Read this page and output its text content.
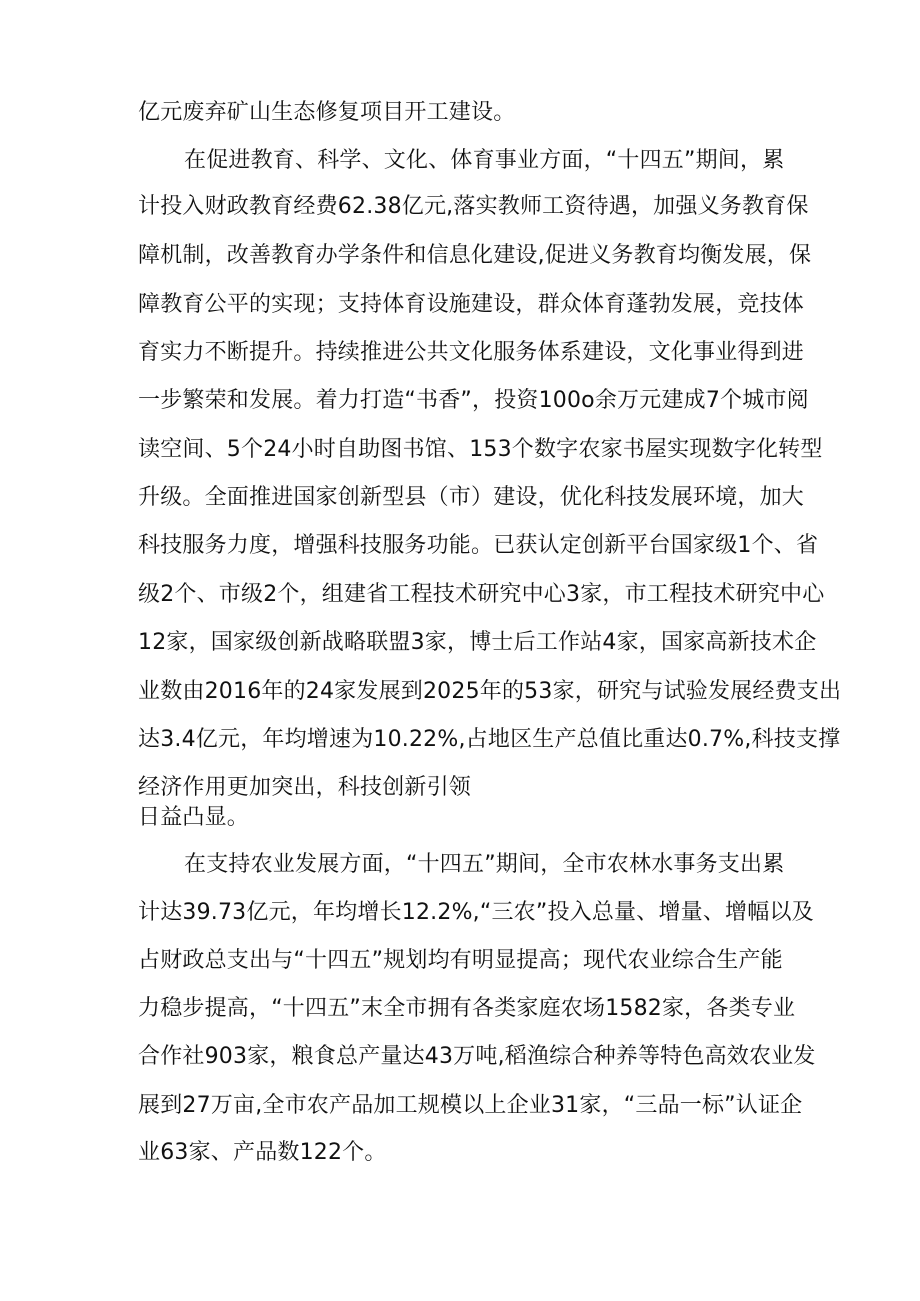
亿元废弃矿山生态修复项目开工建设。
在促进教育、科学、文化、体育事业方面，“十四五”期间，累
计投入财政教育经费62.38亿元,落实教师工资待遇，加强义务教育保
障机制，改善教育办学条件和信息化建设,促进义务教育均衡发展，保
障教育公平的实现；支持体育设施建设，群众体育蓬勃发展，竞技体
育实力不断提升。持续推进公共文化服务体系建设，文化事业得到进
一步繁荣和发展。着力打造“书香”，投资100o余万元建成7个城市阅
读空间、5个24小时自助图书馆、153个数字农家书屋实现数字化转型
升级。全面推进国家创新型县（市）建设，优化科技发展环境，加大
科技服务力度，增强科技服务功能。已获认定创新平台国家级1个、省
级2个、市级2个，组建省工程技术研究中心3家，市工程技术研究中心
12家，国家级创新战略联盟3家，博士后工作站4家，国家高新技术企
业数由2016年的24家发展到2025年的53家，研究与试验发展经费支出
达3.4亿元，年均增速为10.22%,占地区生产总值比重达0.7%,科技支撑
经济作用更加突出，科技创新引领
日益凸显。
在支持农业发展方面，“十四五”期间，全市农林水事务支出累
计达39.73亿元，年均增长12.2%,“三农”投入总量、增量、增幅以及
占财政总支出与“十四五”规划均有明显提高；现代农业综合生产能
力稳步提高，“十四五”末全市拥有各类家庭农场1582家，各类专业
合作社903家，粮食总产量达43万吨,稻渔综合种养等特色高效农业发
展到27万亩,全市农产品加工规模以上企业31家，“三品一标”认证企
业63家、产品数122个。
